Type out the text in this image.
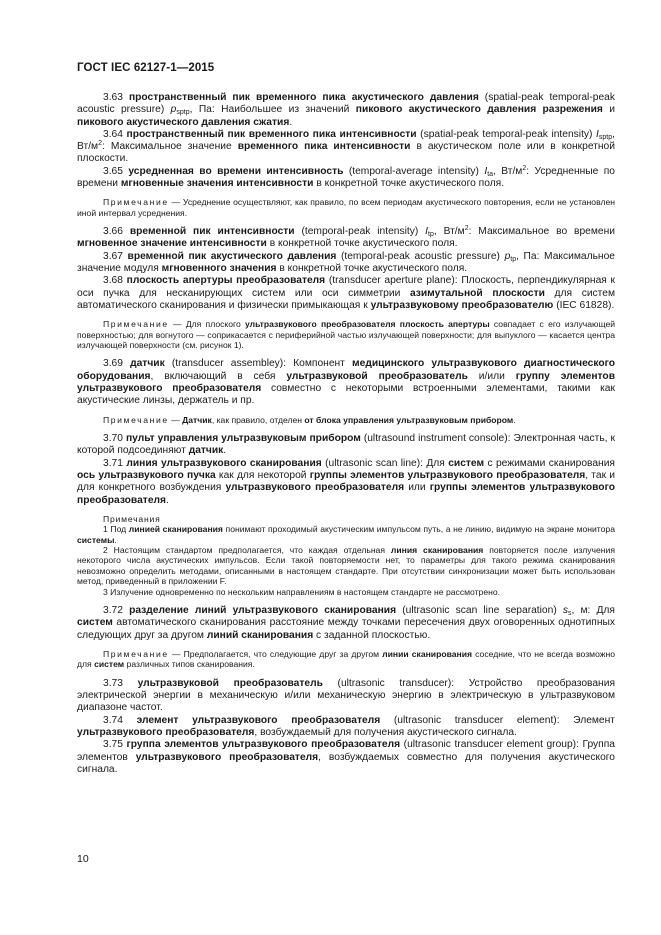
ГОСТ IEC 62127-1—2015

3.63 пространственный пик временного пика акустического давления (spatial-peak temporal-peak acoustic pressure) $p_{sptp}$, Па: Наибольшее из значений пикового акустического давления разрежения и пикового акустического давления сжатия.

3.64 пространственный пик временного пика интенсивности (spatial-peak temporal-peak intensity) $I_{sptp}$, $Вт/м^2$: Максимальное значение временного пика интенсивности в акустическом поле или в конкретной плоскости.

3.65 усредненная во времени интенсивность (temporal-average intensity) $I_{ta}$, $Вт/м^2$: Усредненные по времени мгновенные значения интенсивности в конкретной точке акустического поля.

Примечание — Усреднение осуществляют, как правило, по всем периодам акустического повторения, если не установлен иной интервал усреднения.

3.66 временной пик интенсивности (temporal-peak intensity) $I_{tp}$, $Вт/м^2$: Максимальное во времени мгновенное значение интенсивности в конкретной точке акустического поля.

3.67 временной пик акустического давления (temporal-peak acoustic pressure) $p_{tp}$, Па: Максимальное значение модуля мгновенного значения в конкретной точке акустического поля.

3.68 плоскость апертуры преобразователя (transducer aperture plane): Плоскость, перпендикулярная к оси пучка для несканирующих систем или оси симметрии азимутальной плоскости для систем автоматического сканирования и физически примыкающая к ультразвуковому преобразователю (IEC 61828).

Примечание — Для плоского ультразвукового преобразователя плоскость апертуры совпадает с его излучающей поверхностью; для вогнутого — соприкасается с периферийной частью излучающей поверхности; для выпуклого — касается центра излучающей поверхности (см. рисунок 1).

3.69 датчик (transducer assembley): Компонент медицинского ультразвукового диагностического оборудования, включающий в себя ультразвуковой преобразователь и/или группу элементов ультразвукового преобразователя совместно с некоторыми встроенными элементами, такими как акустические линзы, держатель и пр.

Примечание — Датчик, как правило, отделен от блока управления ультразвуковым прибором.

3.70 пульт управления ультразвуковым прибором (ultrasound instrument console): Электронная часть, к которой подсоединяют датчик.

3.71 линия ультразвукового сканирования (ultrasonic scan line): Для систем с режимами сканирования ось ультразвукового пучка как для некоторой группы элементов ультразвукового преобразователя, так и для конкретного возбуждения ультразвукового преобразователя или группы элементов ультразвукового преобразователя.

Примечания

1 Под линией сканирования понимают проходимый акустическим импульсом путь, а не линию, видимую на экране монитора системы.

2 Настоящим стандартом предполагается, что каждая отдельная линия сканирования повторяется после излучения некоторого числа акустических импульсов. Если такой повторяемости нет, то параметры для такого режима сканирования невозможно определить методами, описанными в настоящем стандарте. При отсутствии синхронизации может быть использован метод, приведенный в приложении F.

3 Излучение одновременно по нескольким направлениям в настоящем стандарте не рассмотрено.

3.72 разделение линий ультразвукового сканирования (ultrasonic scan line separation) $s_s$, м: Для систем автоматического сканирования расстояние между точками пересечения двух оговоренных однотипных следующих друг за другом линий сканирования с заданной плоскостью.

Примечание — Предполагается, что следующие друг за другом линии сканирования соседние, что не всегда возможно для систем различных типов сканирования.

3.73 ультразвуковой преобразователь (ultrasonic transducer): Устройство преобразования электрической энергии в механическую и/или механическую энергию в электрическую в ультразвуковом диапазоне частот.

3.74 элемент ультразвукового преобразователя (ultrasonic transducer element): Элемент ультразвукового преобразователя, возбуждаемый для получения акустического сигнала.

3.75 группа элементов ультразвукового преобразователя (ultrasonic transducer element group): Группа элементов ультразвукового преобразователя, возбуждаемых совместно для получения акустического сигнала.

10
